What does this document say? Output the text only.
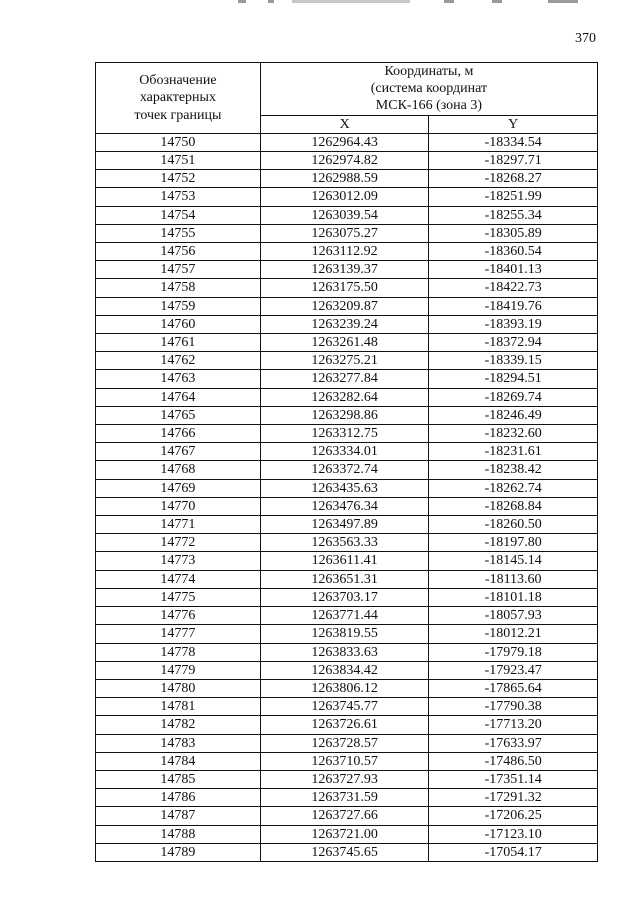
370
Обозначение
характерных
точек границы	Координаты, м
(система координат
МСК-166 (зона 3)	

	X	Y
14750	1262964.43	-18334.54
14751	1262974.82	-18297.71
14752	1262988.59	-18268.27
14753	1263012.09	-18251.99
14754	1263039.54	-18255.34
14755	1263075.27	-18305.89
14756	1263112.92	-18360.54
14757	1263139.37	-18401.13
14758	1263175.50	-18422.73
14759	1263209.87	-18419.76
14760	1263239.24	-18393.19
14761	1263261.48	-18372.94
14762	1263275.21	-18339.15
14763	1263277.84	-18294.51
14764	1263282.64	-18269.74
14765	1263298.86	-18246.49
14766	1263312.75	-18232.60
14767	1263334.01	-18231.61
14768	1263372.74	-18238.42
14769	1263435.63	-18262.74
14770	1263476.34	-18268.84
14771	1263497.89	-18260.50
14772	1263563.33	-18197.80
14773	1263611.41	-18145.14
14774	1263651.31	-18113.60
14775	1263703.17	-18101.18
14776	1263771.44	-18057.93
14777	1263819.55	-18012.21
14778	1263833.63	-17979.18
14779	1263834.42	-17923.47
14780	1263806.12	-17865.64
14781	1263745.77	-17790.38
14782	1263726.61	-17713.20
14783	1263728.57	-17633.97
14784	1263710.57	-17486.50
14785	1263727.93	-17351.14
14786	1263731.59	-17291.32
14787	1263727.66	-17206.25
14788	1263721.00	-17123.10
14789	1263745.65	-17054.17
